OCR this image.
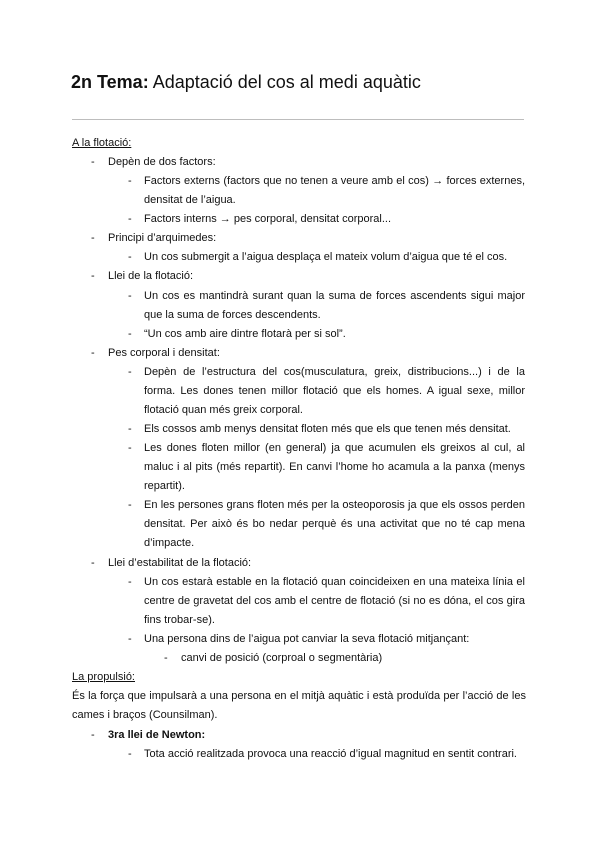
2n Tema: Adaptació del cos al medi aquàtic
A la flotació:
- Depèn de dos factors:
- Factors externs (factors que no tenen a veure amb el cos) → forces externes,
densitat de l’aigua.
- Factors interns → pes corporal, densitat corporal...
- Principi d’arquimedes:
- Un cos submergit a l’aigua desplaça el mateix volum d’aigua que té el cos.
- Llei de la flotació:
- Un cos es mantindrà surant quan la suma de forces ascendents sigui major
que la suma de forces descendents.
- “Un cos amb aire dintre flotarà per si sol”.
- Pes corporal i densitat:
- Depèn de l’estructura del cos(musculatura, greix, distribucions...) i de la
forma. Les dones tenen millor flotació que els homes. A igual sexe, millor
flotació quan més greix corporal.
- Els cossos amb menys densitat floten més que els que tenen més densitat.
- Les dones floten millor (en general) ja que acumulen els greixos al cul, al
maluc i al pits (més repartit). En canvi l’home ho acamula a la panxa (menys
repartit).
- En les persones grans floten més per la osteoporosis ja que els ossos perden
densitat. Per això és bo nedar perquè és una activitat que no té cap mena
d’impacte.
- Llei d’estabilitat de la flotació:
- Un cos estarà estable en la flotació quan coincideixen en una mateixa línia el
centre de gravetat del cos amb el centre de flotació (si no es dóna, el cos gira
fins trobar-se).
- Una persona dins de l’aigua pot canviar la seva flotació mitjançant:
- canvi de posició (corproal o segmentària)
La propulsió:
És la força que impulsarà a una persona en el mitjà aquàtic i està produïda per l’acció de les
cames i braços (Counsilman).
- 3ra llei de Newton:
- Tota acció realitzada provoca una reacció d’igual magnitud en sentit contrari.
